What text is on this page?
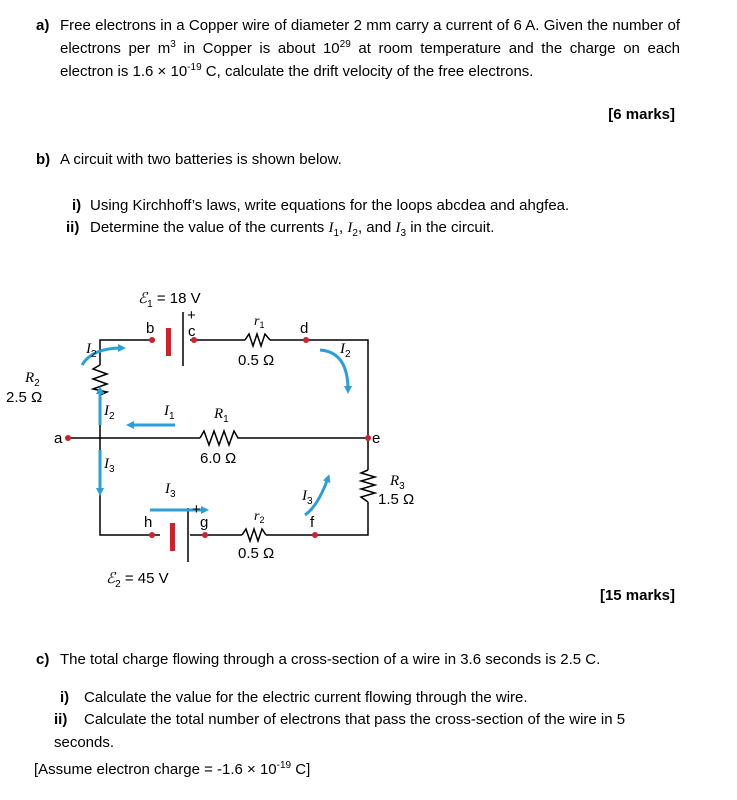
a) Free electrons in a Copper wire of diameter 2 mm carry a current of 6 A. Given the number of electrons per $m^3$ in Copper is about $10^{29}$ at room temperature and the charge on each electron is $1.6 \times 10^{-19}$ C, calculate the drift velocity of the free electrons.
[6 marks]
b) A circuit with two batteries is shown below.
i) Using Kirchhoff’s laws, write equations for the loops abcdea and ahgfea.
ii) Determine the value of the currents $I_1$, $I_2$, and $I_3$ in the circuit.
ℰ$_1$ = 18 V
+
b c	d
$r_1$
0.5 Ω
$I_2$	$I_2$
$R_2$
2.5 Ω
$I_2$	$I_1$	$R_1$
6.0 Ω
a	e
$I_3$
$I_3$	$I_3$
$R_3$
1.5 Ω
+
h	g	f
$r_2$
0.5 Ω
ℰ$_2$ = 45 V
[15 marks]
c) The total charge flowing through a cross-section of a wire in 3.6 seconds is 2.5 C.
i) Calculate the value for the electric current flowing through the wire.
ii)	Calculate the total number of electrons that pass the cross-section of the wire in 5 seconds.
[Assume electron charge = $-1.6 \times 10^{-19}$ C]
